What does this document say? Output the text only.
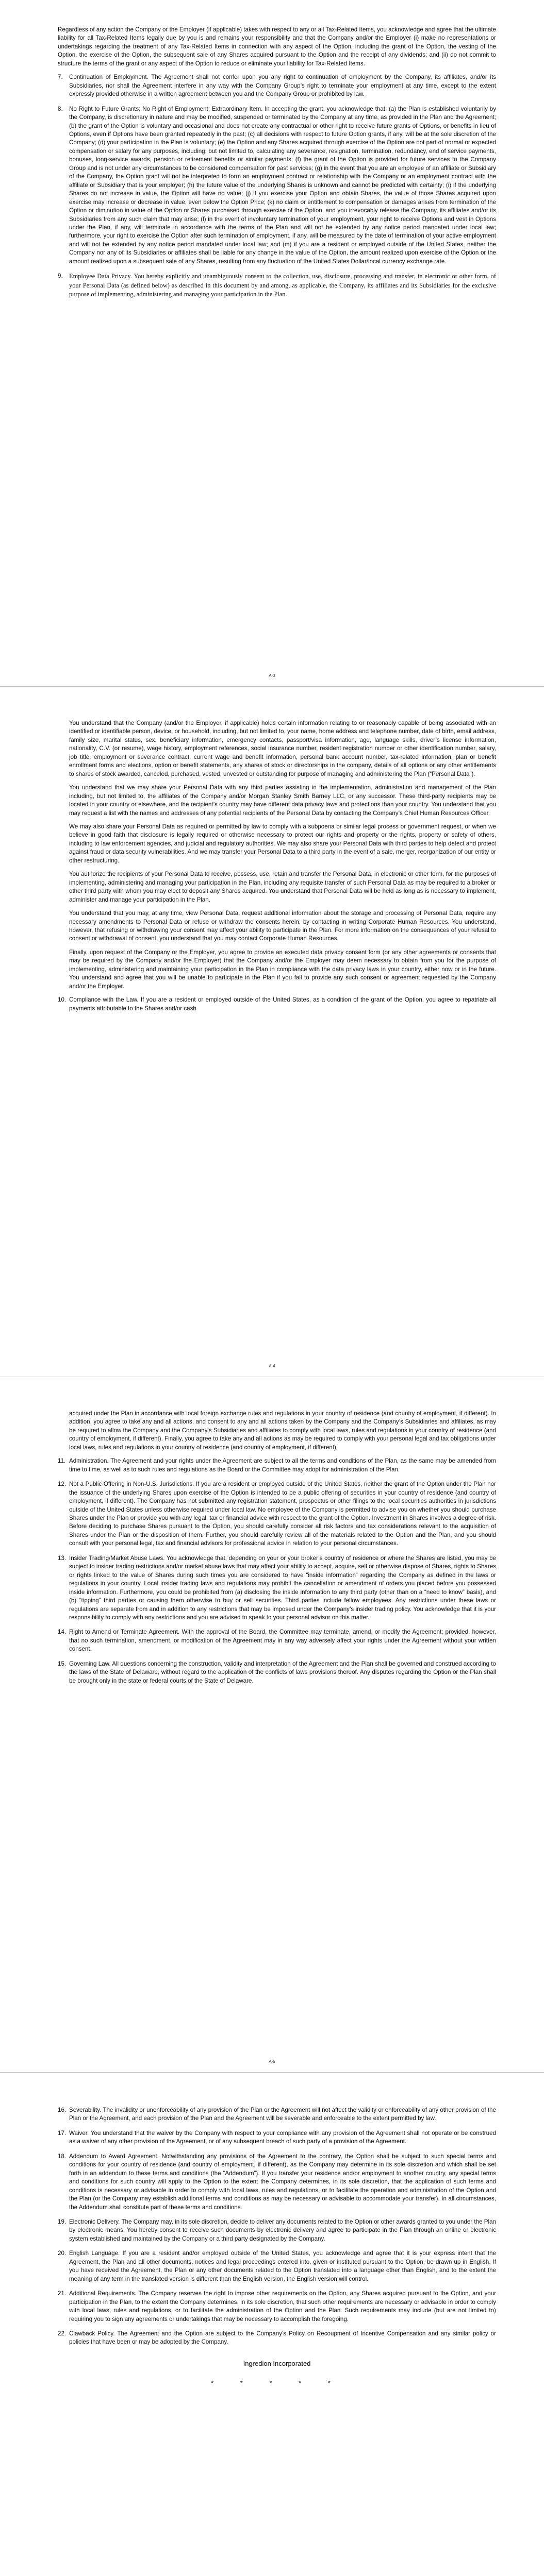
Regardless of any action the Company or the Employer (if applicable) takes with respect to any or all Tax-Related Items, you acknowledge and agree that the ultimate liability for all Tax-Related Items legally due by you is and remains your responsibility and that the Company and/or the Employer (i) make no representations or undertakings regarding the treatment of any Tax-Related Items in connection with any aspect of the Option, including the grant of the Option, the vesting of the Option, the exercise of the Option, the subsequent sale of any Shares acquired pursuant to the Option and the receipt of any dividends; and (ii) do not commit to structure the terms of the grant or any aspect of the Option to reduce or eliminate your liability for Tax-Related Items.

7. Continuation of Employment. The Agreement shall not confer upon you any right to continuation of employment by the Company, its affiliates, and/or its Subsidiaries, nor shall the Agreement interfere in any way with the Company Group’s right to terminate your employment at any time, except to the extent expressly provided otherwise in a written agreement between you and the Company Group or prohibited by law.

8. No Right to Future Grants; No Right of Employment; Extraordinary Item. In accepting the grant, you acknowledge that: (a) the Plan is established voluntarily by the Company, is discretionary in nature and may be modified, suspended or terminated by the Company at any time, as provided in the Plan and the Agreement; (b) the grant of the Option is voluntary and occasional and does not create any contractual or other right to receive future grants of Options, or benefits in lieu of Options, even if Options have been granted repeatedly in the past; (c) all decisions with respect to future Option grants, if any, will be at the sole discretion of the Company; (d) your participation in the Plan is voluntary; (e) the Option and any Shares acquired through exercise of the Option are not part of normal or expected compensation or salary for any purposes, including, but not limited to, calculating any severance, resignation, termination, redundancy, end of service payments, bonuses, long-service awards, pension or retirement benefits or similar payments; (f) the grant of the Option is provided for future services to the Company Group and is not under any circumstances to be considered compensation for past services; (g) in the event that you are an employee of an affiliate or Subsidiary of the Company, the Option grant will not be interpreted to form an employment contract or relationship with the Company or an employment contract with the affiliate or Subsidiary that is your employer; (h) the future value of the underlying Shares is unknown and cannot be predicted with certainty; (i) if the underlying Shares do not increase in value, the Option will have no value; (j) if you exercise your Option and obtain Shares, the value of those Shares acquired upon exercise may increase or decrease in value, even below the Option Price; (k) no claim or entitlement to compensation or damages arises from termination of the Option or diminution in value of the Option or Shares purchased through exercise of the Option, and you irrevocably release the Company, its affiliates and/or its Subsidiaries from any such claim that may arise; (l) in the event of involuntary termination of your employment, your right to receive Options and vest in Options under the Plan, if any, will terminate in accordance with the terms of the Plan and will not be extended by any notice period mandated under local law; furthermore, your right to exercise the Option after such termination of employment, if any, will be measured by the date of termination of your active employment and will not be extended by any notice period mandated under local law; and (m) if you are a resident or employed outside of the United States, neither the Company nor any of its Subsidiaries or affiliates shall be liable for any change in the value of the Option, the amount realized upon exercise of the Option or the amount realized upon a subsequent sale of any Shares, resulting from any fluctuation of the United States Dollar/local currency exchange rate.

9. Employee Data Privacy. You hereby explicitly and unambiguously consent to the collection, use, disclosure, processing and transfer, in electronic or other form, of your Personal Data (as defined below) as described in this document by and among, as applicable, the Company, its affiliates and its Subsidiaries for the exclusive purpose of implementing, administering and managing your participation in the Plan.

A-3

You understand that the Company (and/or the Employer, if applicable) holds certain information relating to or reasonably capable of being associated with an identified or identifiable person, device, or household, including, but not limited to, your name, home address and telephone number, date of birth, email address, family size, marital status, sex, beneficiary information, emergency contacts, passport/visa information, age, language skills, driver’s license information, nationality, C.V. (or resume), wage history, employment references, social insurance number, resident registration number or other identification number, salary, job title, employment or severance contract, current wage and benefit information, personal bank account number, tax-related information, plan or benefit enrollment forms and elections, option or benefit statements, any shares of stock or directorships in the company, details of all options or any other entitlements to shares of stock awarded, canceled, purchased, vested, unvested or outstanding for purpose of managing and administering the Plan (“Personal Data”).

You understand that we may share your Personal Data with any third parties assisting in the implementation, administration and management of the Plan including, but not limited to, the affiliates of the Company and/or Morgan Stanley Smith Barney LLC, or any successor. These third-party recipients may be located in your country or elsewhere, and the recipient’s country may have different data privacy laws and protections than your country. You understand that you may request a list with the names and addresses of any potential recipients of the Personal Data by contacting the Company’s Chief Human Resources Officer.

We may also share your Personal Data as required or permitted by law to comply with a subpoena or similar legal process or government request, or when we believe in good faith that disclosure is legally required or otherwise necessary to protect our rights and property or the rights, property or safety of others, including to law enforcement agencies, and judicial and regulatory authorities. We may also share your Personal Data with third parties to help detect and protect against fraud or data security vulnerabilities. And we may transfer your Personal Data to a third party in the event of a sale, merger, reorganization of our entity or other restructuring.

You authorize the recipients of your Personal Data to receive, possess, use, retain and transfer the Personal Data, in electronic or other form, for the purposes of implementing, administering and managing your participation in the Plan, including any requisite transfer of such Personal Data as may be required to a broker or other third party with whom you may elect to deposit any Shares acquired. You understand that Personal Data will be held as long as is necessary to implement, administer and manage your participation in the Plan.

You understand that you may, at any time, view Personal Data, request additional information about the storage and processing of Personal Data, require any necessary amendments to Personal Data or refuse or withdraw the consents herein, by contacting in writing Corporate Human Resources. You understand, however, that refusing or withdrawing your consent may affect your ability to participate in the Plan. For more information on the consequences of your refusal to consent or withdrawal of consent, you understand that you may contact Corporate Human Resources.

Finally, upon request of the Company or the Employer, you agree to provide an executed data privacy consent form (or any other agreements or consents that may be required by the Company and/or the Employer) that the Company and/or the Employer may deem necessary to obtain from you for the purpose of implementing, administering and maintaining your participation in the Plan in compliance with the data privacy laws in your country, either now or in the future. You understand and agree that you will be unable to participate in the Plan if you fail to provide any such consent or agreement requested by the Company and/or the Employer.

10. Compliance with the Law. If you are a resident or employed outside of the United States, as a condition of the grant of the Option, you agree to repatriate all payments attributable to the Shares and/or cash

A-4

acquired under the Plan in accordance with local foreign exchange rules and regulations in your country of residence (and country of employment, if different). In addition, you agree to take any and all actions, and consent to any and all actions taken by the Company and the Company’s Subsidiaries and affiliates, as may be required to allow the Company and the Company’s Subsidiaries and affiliates to comply with local laws, rules and regulations in your country of residence (and country of employment, if different). Finally, you agree to take any and all actions as may be required to comply with your personal legal and tax obligations under local laws, rules and regulations in your country of residence (and country of employment, if different).

11. Administration. The Agreement and your rights under the Agreement are subject to all the terms and conditions of the Plan, as the same may be amended from time to time, as well as to such rules and regulations as the Board or the Committee may adopt for administration of the Plan.

12. Not a Public Offering in Non-U.S. Jurisdictions. If you are a resident or employed outside of the United States, neither the grant of the Option under the Plan nor the issuance of the underlying Shares upon exercise of the Option is intended to be a public offering of securities in your country of residence (and country of employment, if different). The Company has not submitted any registration statement, prospectus or other filings to the local securities authorities in jurisdictions outside of the United States unless otherwise required under local law. No employee of the Company is permitted to advise you on whether you should purchase Shares under the Plan or provide you with any legal, tax or financial advice with respect to the grant of the Option. Investment in Shares involves a degree of risk. Before deciding to purchase Shares pursuant to the Option, you should carefully consider all risk factors and tax considerations relevant to the acquisition of Shares under the Plan or the disposition of them. Further, you should carefully review all of the materials related to the Option and the Plan, and you should consult with your personal legal, tax and financial advisors for professional advice in relation to your personal circumstances.

13. Insider Trading/Market Abuse Laws. You acknowledge that, depending on your or your broker’s country of residence or where the Shares are listed, you may be subject to insider trading restrictions and/or market abuse laws that may affect your ability to accept, acquire, sell or otherwise dispose of Shares, rights to Shares or rights linked to the value of Shares during such times you are considered to have “inside information” regarding the Company as defined in the laws or regulations in your country. Local insider trading laws and regulations may prohibit the cancellation or amendment of orders you placed before you possessed inside information. Furthermore, you could be prohibited from (a) disclosing the inside information to any third party (other than on a “need to know” basis), and (b) “tipping” third parties or causing them otherwise to buy or sell securities. Third parties include fellow employees. Any restrictions under these laws or regulations are separate from and in addition to any restrictions that may be imposed under the Company’s insider trading policy. You acknowledge that it is your responsibility to comply with any restrictions and you are advised to speak to your personal advisor on this matter.

14. Right to Amend or Terminate Agreement. With the approval of the Board, the Committee may terminate, amend, or modify the Agreement; provided, however, that no such termination, amendment, or modification of the Agreement may in any way adversely affect your rights under the Agreement without your written consent.

15. Governing Law. All questions concerning the construction, validity and interpretation of the Agreement and the Plan shall be governed and construed according to the laws of the State of Delaware, without regard to the application of the conflicts of laws provisions thereof. Any disputes regarding the Option or the Plan shall be brought only in the state or federal courts of the State of Delaware.

A-5
16. Severability. The invalidity or unenforceability of any provision of the Plan or the Agreement will not affect the validity or enforceability of any other provision of the Plan or the Agreement, and each provision of the Plan and the Agreement will be severable and enforceable to the extent permitted by law.

17. Waiver. You understand that the waiver by the Company with respect to your compliance with any provision of the Agreement shall not operate or be construed as a waiver of any other provision of the Agreement, or of any subsequent breach of such party of a provision of the Agreement.

18. Addendum to Award Agreement. Notwithstanding any provisions of the Agreement to the contrary, the Option shall be subject to such special terms and conditions for your country of residence (and country of employment, if different), as the Company may determine in its sole discretion and which shall be set forth in an addendum to these terms and conditions (the “Addendum”). If you transfer your residence and/or employment to another country, any special terms and conditions for such country will apply to the Option to the extent the Company determines, in its sole discretion, that the application of such terms and conditions is necessary or advisable in order to comply with local laws, rules and regulations, or to facilitate the operation and administration of the Option and the Plan (or the Company may establish additional terms and conditions as may be necessary or advisable to accommodate your transfer). In all circumstances, the Addendum shall constitute part of these terms and conditions.

19. Electronic Delivery. The Company may, in its sole discretion, decide to deliver any documents related to the Option or other awards granted to you under the Plan by electronic means. You hereby consent to receive such documents by electronic delivery and agree to participate in the Plan through an online or electronic system established and maintained by the Company or a third party designated by the Company.

20. English Language. If you are a resident and/or employed outside of the United States, you acknowledge and agree that it is your express intent that the Agreement, the Plan and all other documents, notices and legal proceedings entered into, given or instituted pursuant to the Option, be drawn up in English. If you have received the Agreement, the Plan or any other documents related to the Option translated into a language other than English, and to the extent the meaning of any term in the translated version is different than the English version, the English version will control.

21. Additional Requirements. The Company reserves the right to impose other requirements on the Option, any Shares acquired pursuant to the Option, and your participation in the Plan, to the extent the Company determines, in its sole discretion, that such other requirements are necessary or advisable in order to comply with local laws, rules and regulations, or to facilitate the administration of the Option and the Plan. Such requirements may include (but are not limited to) requiring you to sign any agreements or undertakings that may be necessary to accomplish the foregoing.

22. Clawback Policy. The Agreement and the Option are subject to the Company’s Policy on Recoupment of Incentive Compensation and any similar policy or policies that have been or may be adopted by the Company.

Ingredion Incorporated
* * * * *
